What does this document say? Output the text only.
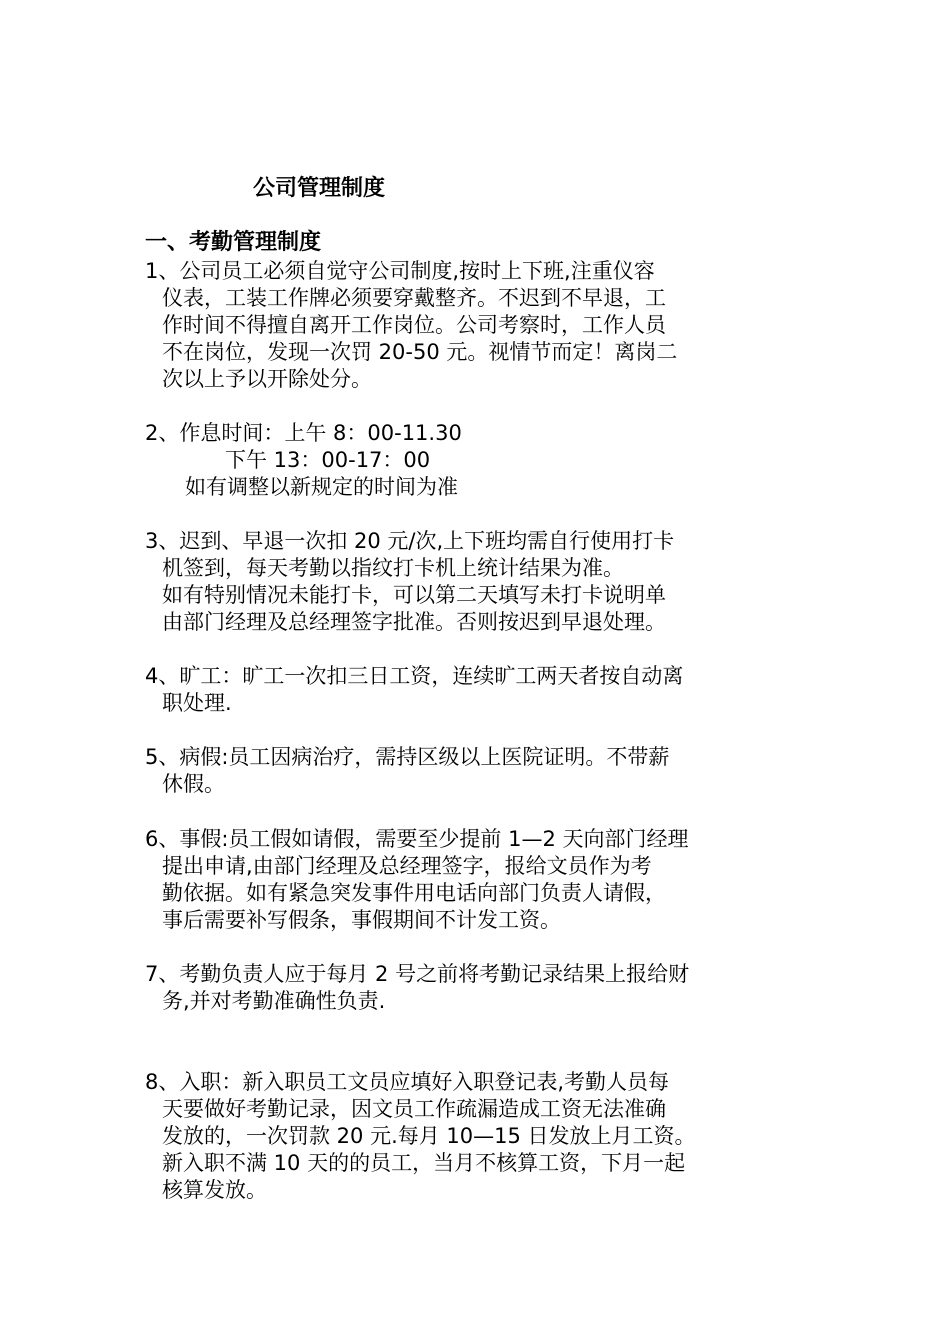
公司管理制度
一、考勤管理制度
1、公司员工必须自觉守公司制度,按时上下班,注重仪容
仪表，工装工作牌必须要穿戴整齐。不迟到不早退，工
作时间不得擅自离开工作岗位。公司考察时，工作人员
不在岗位，发现一次罚 20-50 元。视情节而定！离岗二
次以上予以开除处分。
2、作息时间：上午 8：00-11.30
下午 13：00-17：00
如有调整以新规定的时间为准
3、迟到、早退一次扣 20 元/次,上下班均需自行使用打卡
机签到，每天考勤以指纹打卡机上统计结果为准。
如有特别情况未能打卡，可以第二天填写未打卡说明单
由部门经理及总经理签字批准。否则按迟到早退处理。
4、旷工：旷工一次扣三日工资，连续旷工两天者按自动离
职处理.
5、病假:员工因病治疗，需持区级以上医院证明。不带薪
休假。
6、事假:员工假如请假，需要至少提前 1—2 天向部门经理
提出申请,由部门经理及总经理签字，报给文员作为考
勤依据。如有紧急突发事件用电话向部门负责人请假，
事后需要补写假条，事假期间不计发工资。
7、考勤负责人应于每月 2 号之前将考勤记录结果上报给财
务,并对考勤准确性负责.
8、入职：新入职员工文员应填好入职登记表,考勤人员每
天要做好考勤记录，因文员工作疏漏造成工资无法准确
发放的，一次罚款 20 元.每月 10—15 日发放上月工资。
新入职不满 10 天的的员工，当月不核算工资，下月一起
核算发放。
